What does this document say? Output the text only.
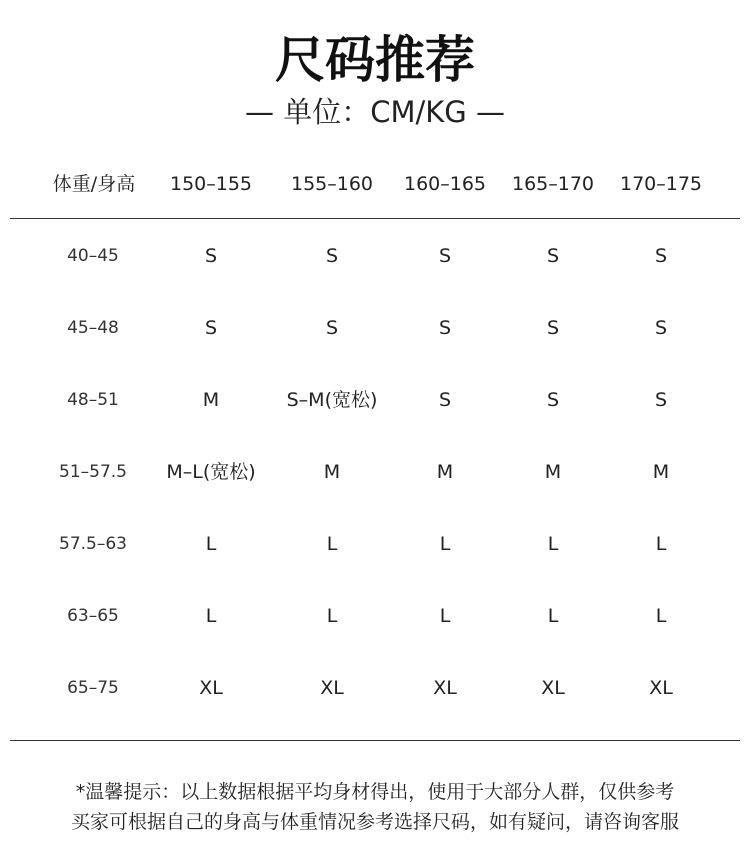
尺码推荐
— 单位：CM/KG —
体重/身高	150–155	155–160	160–165	165–170	170–175
40–45	S	S	S	S	S
45–48	S	S	S	S	S
48–51	M	S–M(宽松)	S	S	S
51–57.5	M–L(宽松)	M	M	M	M
57.5–63	L	L	L	L	L
63–65	L	L	L	L	L
65–75	XL	XL	XL	XL	XL
*温馨提示：以上数据根据平均身材得出，使用于大部分人群，仅供参考
买家可根据自己的身高与体重情况参考选择尺码，如有疑问，请咨询客服
